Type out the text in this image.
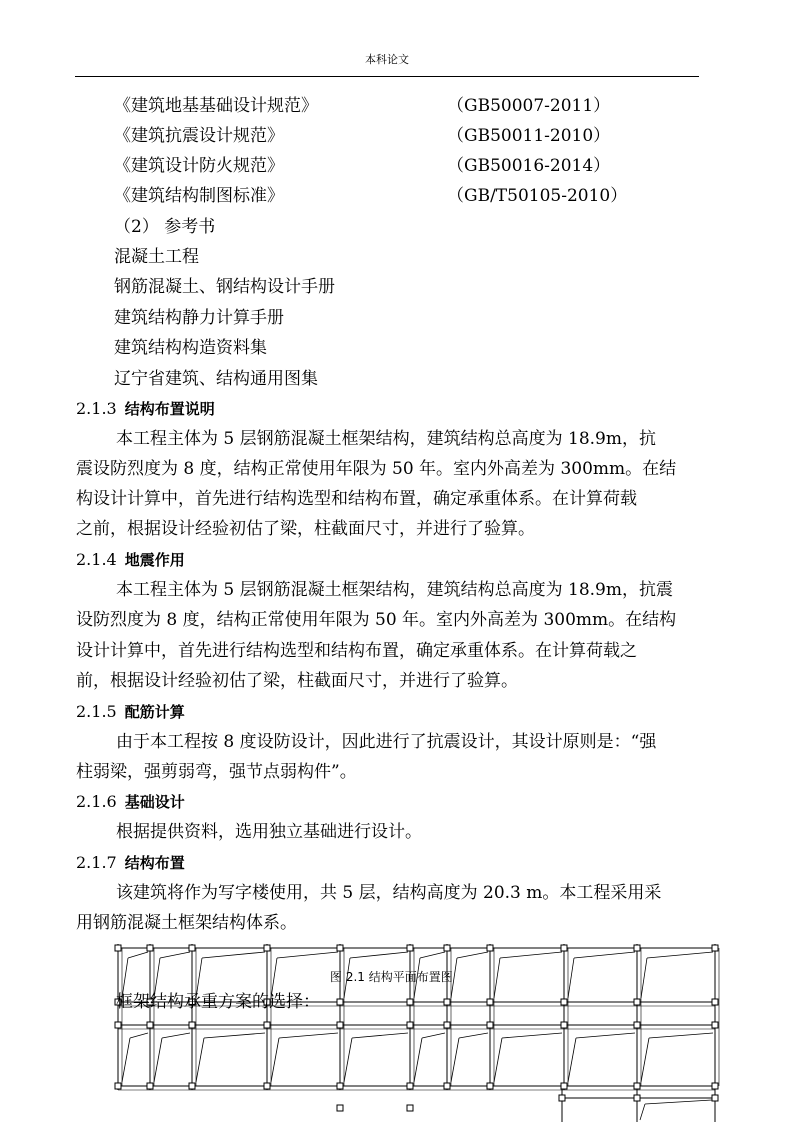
本科论文
《建筑地基基础设计规范》	（GB50007-2011）
《建筑抗震设计规范》	（GB50011-2010）
《建筑设计防火规范》	（GB50016-2014）
《建筑结构制图标准》	（GB/T50105-2010）
（2） 参考书
混凝土工程
钢筋混凝土、钢结构设计手册
建筑结构静力计算手册
建筑结构构造资料集
辽宁省建筑、结构通用图集
2.1.3 结构布置说明
本工程主体为 5 层钢筋混凝土框架结构，建筑结构总高度为 18.9m，抗
震设防烈度为 8 度，结构正常使用年限为 50 年。室内外高差为 300mm。在结
构设计计算中，首先进行结构选型和结构布置，确定承重体系。在计算荷载
之前，根据设计经验初估了梁，柱截面尺寸，并进行了验算。
2.1.4 地震作用
本工程主体为 5 层钢筋混凝土框架结构，建筑结构总高度为 18.9m，抗震
设防烈度为 8 度，结构正常使用年限为 50 年。室内外高差为 300mm。在结构
设计计算中，首先进行结构选型和结构布置，确定承重体系。在计算荷载之
前，根据设计经验初估了梁，柱截面尺寸，并进行了验算。
2.1.5 配筋计算
由于本工程按 8 度设防设计，因此进行了抗震设计，其设计原则是：“强
柱弱梁，强剪弱弯，强节点弱构件”。
2.1.6 基础设计
根据提供资料，选用独立基础进行设计。
2.1.7 结构布置
该建筑将作为写字楼使用，共 5 层，结构高度为 20.3 m。本工程采用采
用钢筋混凝土框架结构体系。
图 2.1 结构平面布置图
框架结构承重方案的选择：
